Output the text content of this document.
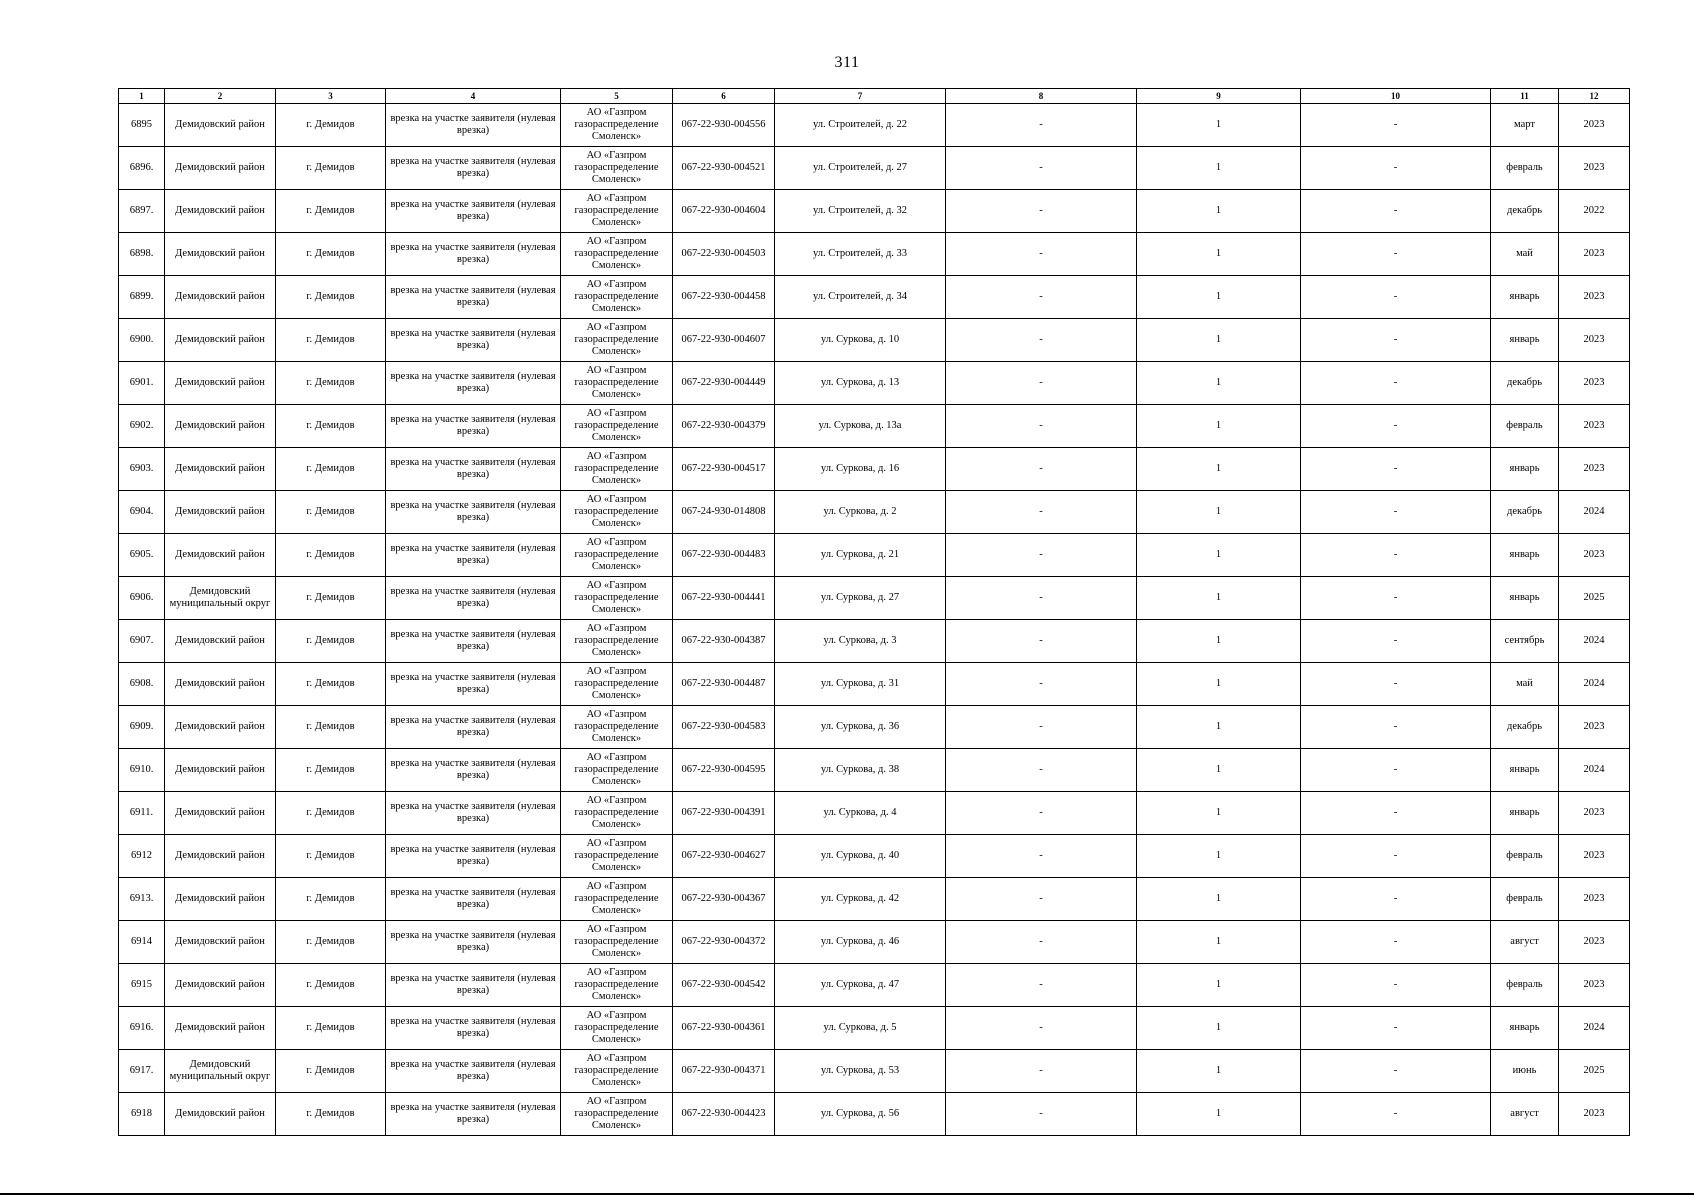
311
1	2	3	4	5	6	7	8	9	10	11	12
6895	Демидовский район	г. Демидов	врезка на участке заявителя (нулевая врезка)	АО «Газпром газораспределение Смоленск»	067-22-930-004556	ул. Строителей, д. 22	-	1	-	март	2023
6896.	Демидовский район	г. Демидов	врезка на участке заявителя (нулевая врезка)	АО «Газпром газораспределение Смоленск»	067-22-930-004521	ул. Строителей, д. 27	-	1	-	февраль	2023
6897.	Демидовский район	г. Демидов	врезка на участке заявителя (нулевая врезка)	АО «Газпром газораспределение Смоленск»	067-22-930-004604	ул. Строителей, д. 32	-	1	-	декабрь	2022
6898.	Демидовский район	г. Демидов	врезка на участке заявителя (нулевая врезка)	АО «Газпром газораспределение Смоленск»	067-22-930-004503	ул. Строителей, д. 33	-	1	-	май	2023
6899.	Демидовский район	г. Демидов	врезка на участке заявителя (нулевая врезка)	АО «Газпром газораспределение Смоленск»	067-22-930-004458	ул. Строителей, д. 34	-	1	-	январь	2023
6900.	Демидовский район	г. Демидов	врезка на участке заявителя (нулевая врезка)	АО «Газпром газораспределение Смоленск»	067-22-930-004607	ул. Суркова, д. 10	-	1	-	январь	2023
6901.	Демидовский район	г. Демидов	врезка на участке заявителя (нулевая врезка)	АО «Газпром газораспределение Смоленск»	067-22-930-004449	ул. Суркова, д. 13	-	1	-	декабрь	2023
6902.	Демидовский район	г. Демидов	врезка на участке заявителя (нулевая врезка)	АО «Газпром газораспределение Смоленск»	067-22-930-004379	ул. Суркова, д. 13а	-	1	-	февраль	2023
6903.	Демидовский район	г. Демидов	врезка на участке заявителя (нулевая врезка)	АО «Газпром газораспределение Смоленск»	067-22-930-004517	ул. Суркова, д. 16	-	1	-	январь	2023
6904.	Демидовский район	г. Демидов	врезка на участке заявителя (нулевая врезка)	АО «Газпром газораспределение Смоленск»	067-24-930-014808	ул. Суркова, д. 2	-	1	-	декабрь	2024
6905.	Демидовский район	г. Демидов	врезка на участке заявителя (нулевая врезка)	АО «Газпром газораспределение Смоленск»	067-22-930-004483	ул. Суркова, д. 21	-	1	-	январь	2023
6906.	Демидовский муниципальный округ	г. Демидов	врезка на участке заявителя (нулевая врезка)	АО «Газпром газораспределение Смоленск»	067-22-930-004441	ул. Суркова, д. 27	-	1	-	январь	2025
6907.	Демидовский район	г. Демидов	врезка на участке заявителя (нулевая врезка)	АО «Газпром газораспределение Смоленск»	067-22-930-004387	ул. Суркова, д. 3	-	1	-	сентябрь	2024
6908.	Демидовский район	г. Демидов	врезка на участке заявителя (нулевая врезка)	АО «Газпром газораспределение Смоленск»	067-22-930-004487	ул. Суркова, д. 31	-	1	-	май	2024
6909.	Демидовский район	г. Демидов	врезка на участке заявителя (нулевая врезка)	АО «Газпром газораспределение Смоленск»	067-22-930-004583	ул. Суркова, д. 36	-	1	-	декабрь	2023
6910.	Демидовский район	г. Демидов	врезка на участке заявителя (нулевая врезка)	АО «Газпром газораспределение Смоленск»	067-22-930-004595	ул. Суркова, д. 38	-	1	-	январь	2024
6911.	Демидовский район	г. Демидов	врезка на участке заявителя (нулевая врезка)	АО «Газпром газораспределение Смоленск»	067-22-930-004391	ул. Суркова, д. 4	-	1	-	январь	2023
6912	Демидовский район	г. Демидов	врезка на участке заявителя (нулевая врезка)	АО «Газпром газораспределение Смоленск»	067-22-930-004627	ул. Суркова, д. 40	-	1	-	февраль	2023
6913.	Демидовский район	г. Демидов	врезка на участке заявителя (нулевая врезка)	АО «Газпром газораспределение Смоленск»	067-22-930-004367	ул. Суркова, д. 42	-	1	-	февраль	2023
6914	Демидовский район	г. Демидов	врезка на участке заявителя (нулевая врезка)	АО «Газпром газораспределение Смоленск»	067-22-930-004372	ул. Суркова, д. 46	-	1	-	август	2023
6915	Демидовский район	г. Демидов	врезка на участке заявителя (нулевая врезка)	АО «Газпром газораспределение Смоленск»	067-22-930-004542	ул. Суркова, д. 47	-	1	-	февраль	2023
6916.	Демидовский район	г. Демидов	врезка на участке заявителя (нулевая врезка)	АО «Газпром газораспределение Смоленск»	067-22-930-004361	ул. Суркова, д. 5	-	1	-	январь	2024
6917.	Демидовский муниципальный округ	г. Демидов	врезка на участке заявителя (нулевая врезка)	АО «Газпром газораспределение Смоленск»	067-22-930-004371	ул. Суркова, д. 53	-	1	-	июнь	2025
6918	Демидовский район	г. Демидов	врезка на участке заявителя (нулевая врезка)	АО «Газпром газораспределение Смоленск»	067-22-930-004423	ул. Суркова, д. 56	-	1	-	август	2023
